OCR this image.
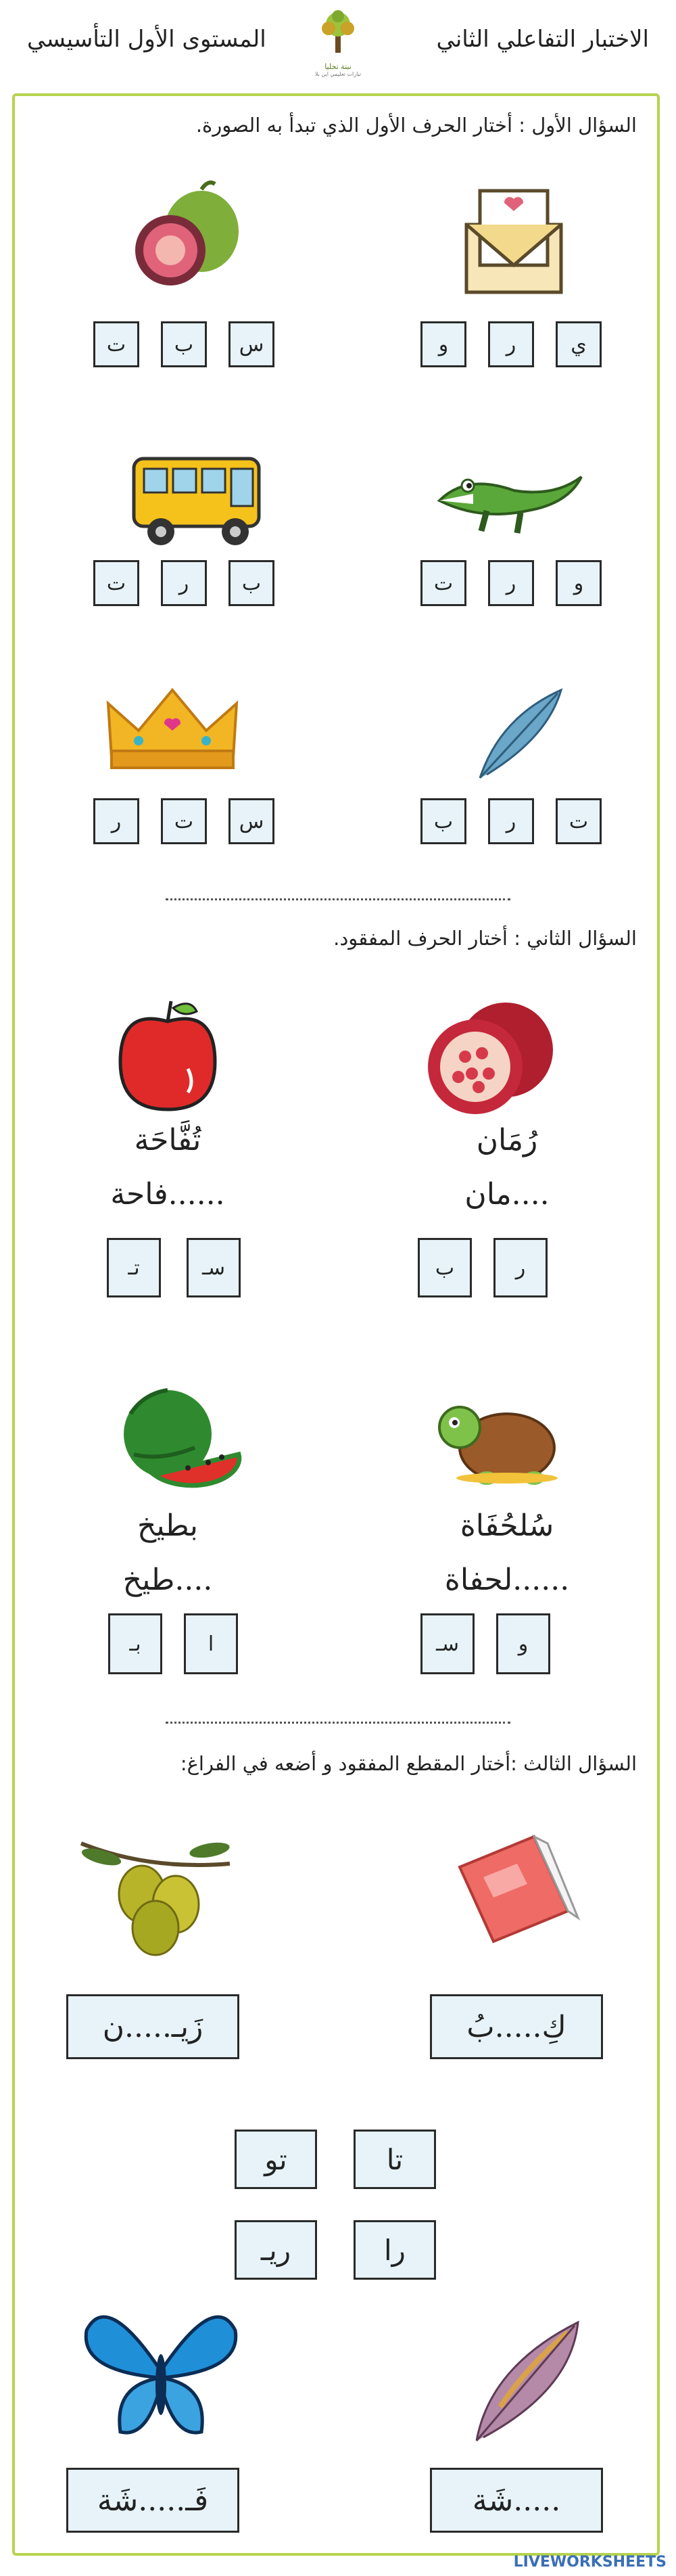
الاختبار التفاعلي الثاني
المستوى الأول التأسيسي
نبتة تحليا
تيارات تعليمي اين بلا
السؤال الأول : أختار الحرف الأول الذي تبدأ به الصورة.
ت	ب	س	و	ر	ي
ت	ر	ب	ت	ر	و
ر	ت	س	ب	ر	ت
السؤال الثاني : أختار الحرف المفقود.
تُفَّاحَة	رُمَان
......فاحة	....مان
تـ	سـ	ب	ر
بطيخ	سُلحُفَاة
....طيخ	......لحفاة
بـ	ا	سـ	و
السؤال الثالث :أختار المقطع المفقود و أضعه في الفراغ:
زَيـ.....ن	كِ.....بُ
تو	تا
ريـ	را
فَـ.....شَة	.....شَة
LIVEWORKSHEETS
